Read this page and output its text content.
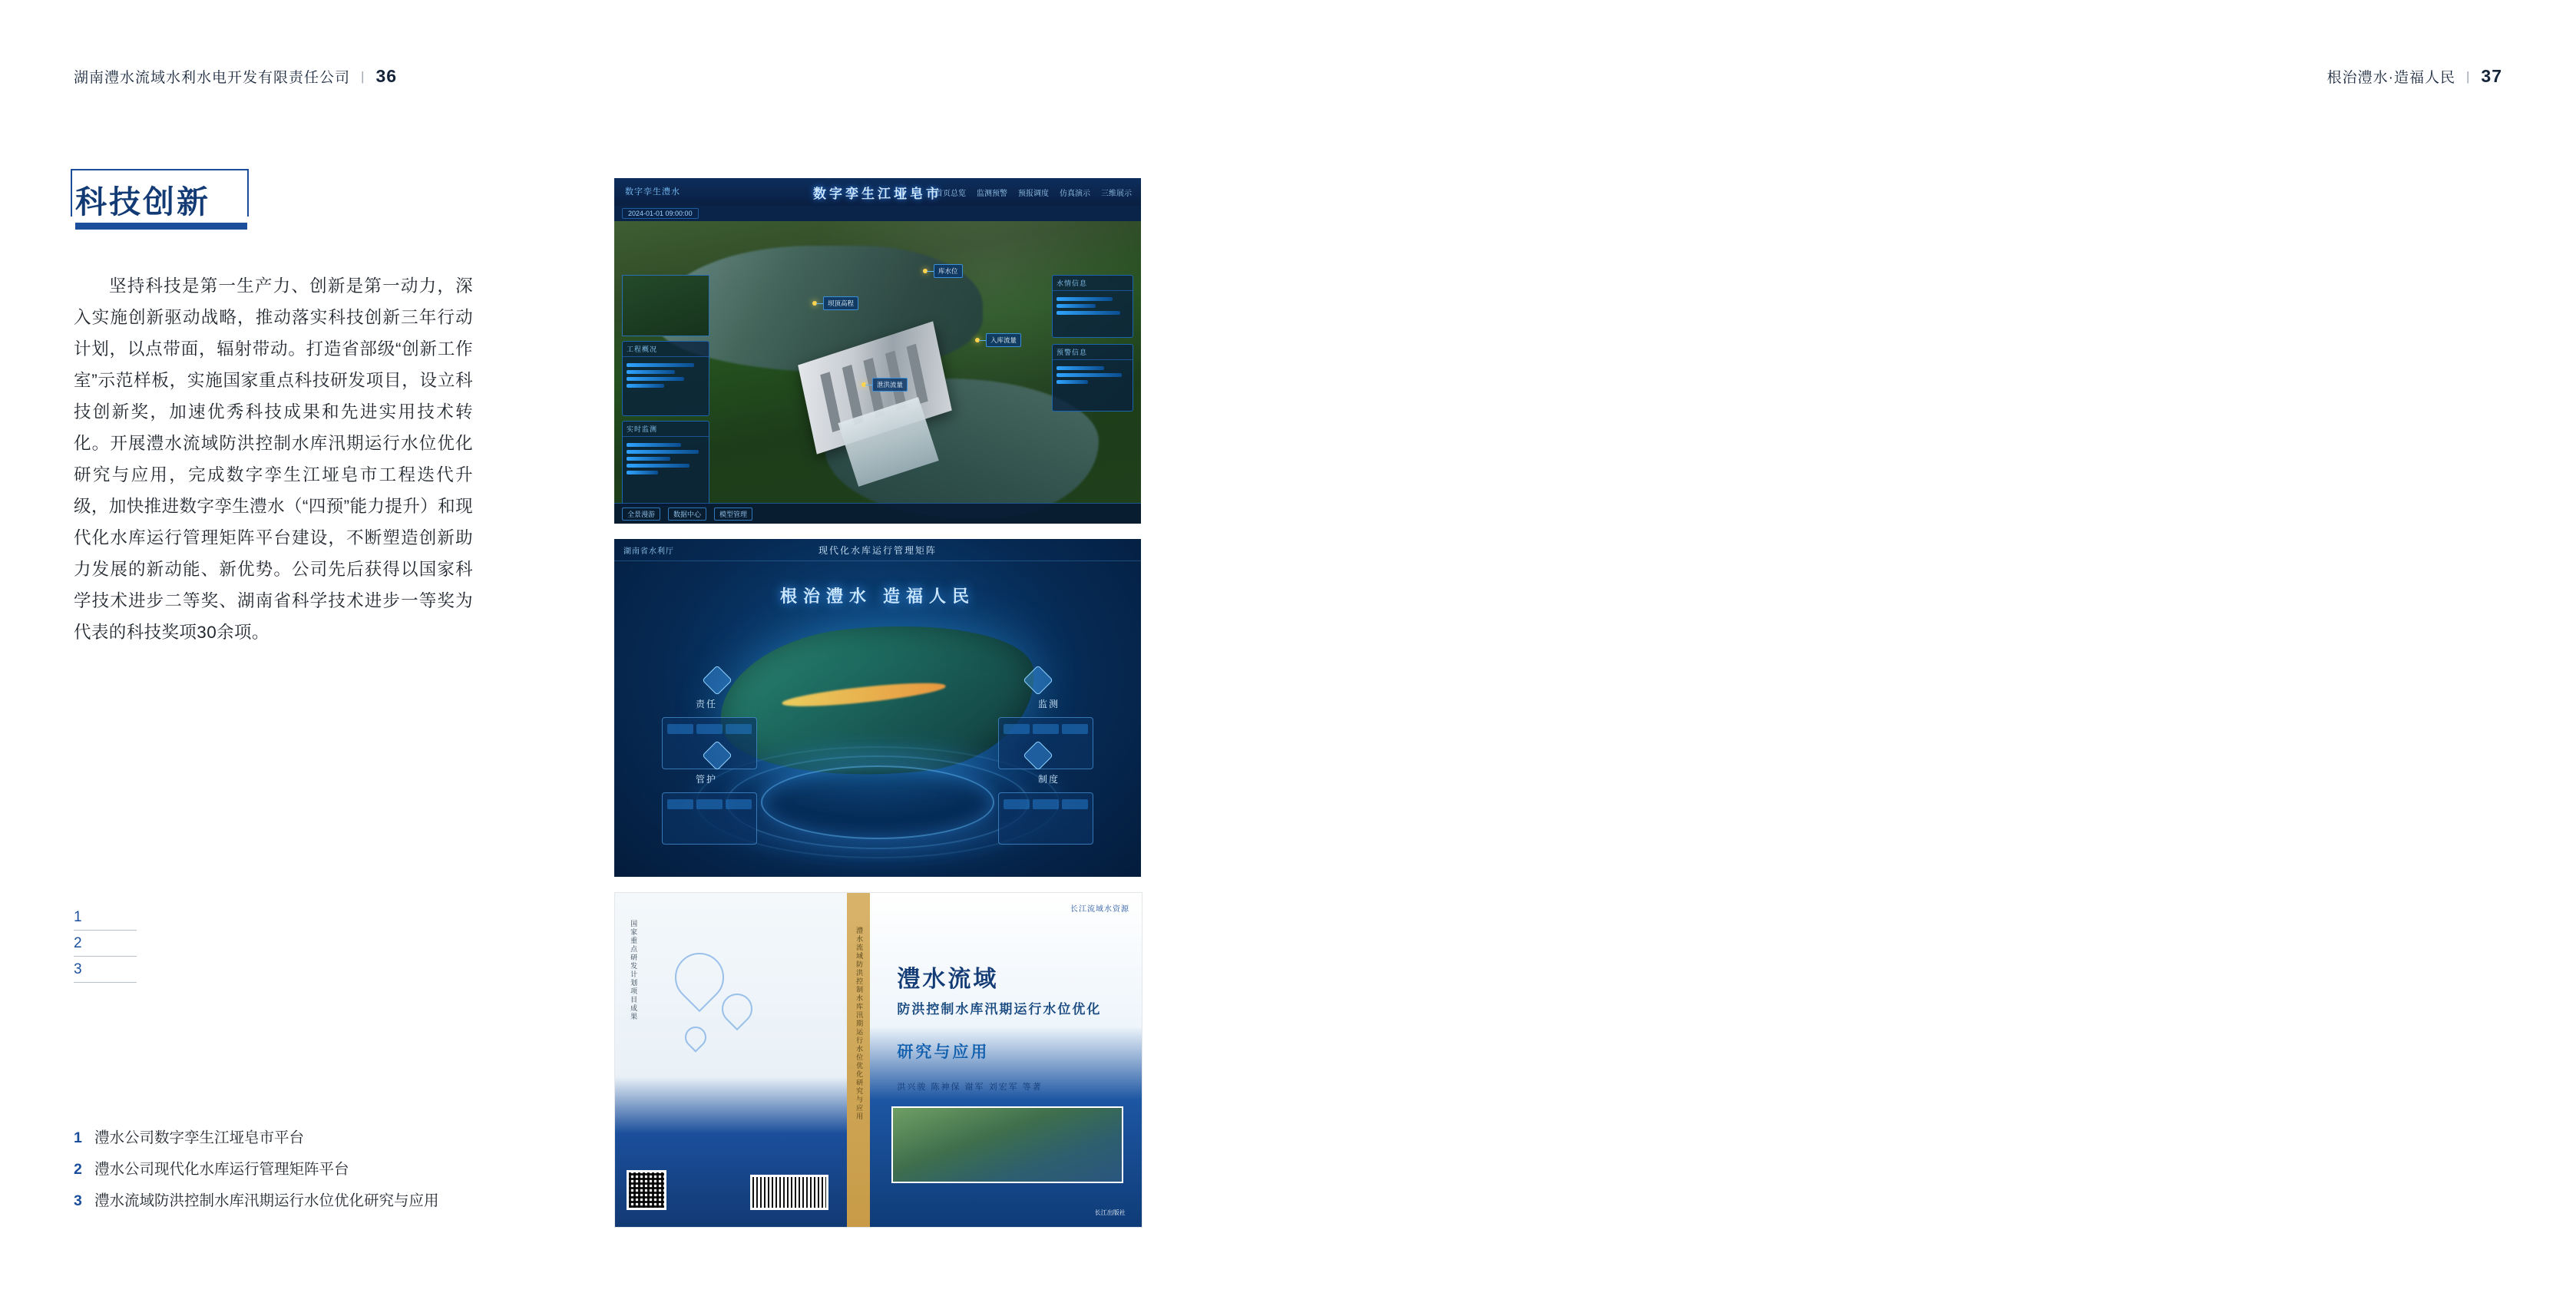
湖南澧水流域水利水电开发有限责任公司 | 36
科技创新
坚持科技是第一生产力、创新是第一动力，深入实施创新驱动战略，推动落实科技创新三年行动计划，以点带面，辐射带动。打造省部级“创新工作室”示范样板，实施国家重点科技研发项目，设立科技创新奖，加速优秀科技成果和先进实用技术转化。开展澧水流域防洪控制水库汛期运行水位优化研究与应用，完成数字孪生江垭皂市工程迭代升级，加快推进数字孪生澧水（“四预”能力提升）和现代化水库运行管理矩阵平台建设，不断塑造创新助力发展的新动能、新优势。公司先后获得以国家科学技术进步二等奖、湖南省科学技术进步一等奖为代表的科技奖项30余项。
1
2
3
1 澧水公司数字孪生江垭皂市平台
2 澧水公司现代化水库运行管理矩阵平台
3 澧水流域防洪控制水库汛期运行水位优化研究与应用
数字孪生澧水	数字孪生江垭皂市
首页总览 监测预警 预报调度 仿真演示 三维展示
2024-01-01 09:00:00
工程概况
实时监测
水情信息
预警信息
坝顶高程
库水位
泄洪流量
入库流量
全景漫游	数据中心	模型管理
湖南省水利厅	现代化水库运行管理矩阵
根治澧水 造福人民
责任	监测
管护	制度
国家重点研发计划项目成果	澧水流域防洪控制水库汛期运行水位优化研究与应用
长江流域水资源
澧水流域
防洪控制水库汛期运行水位优化
研究与应用
洪兴骏 陈神保 谢军 刘宏军 等著
长江出版社
根治澧水·造福人民 | 37
